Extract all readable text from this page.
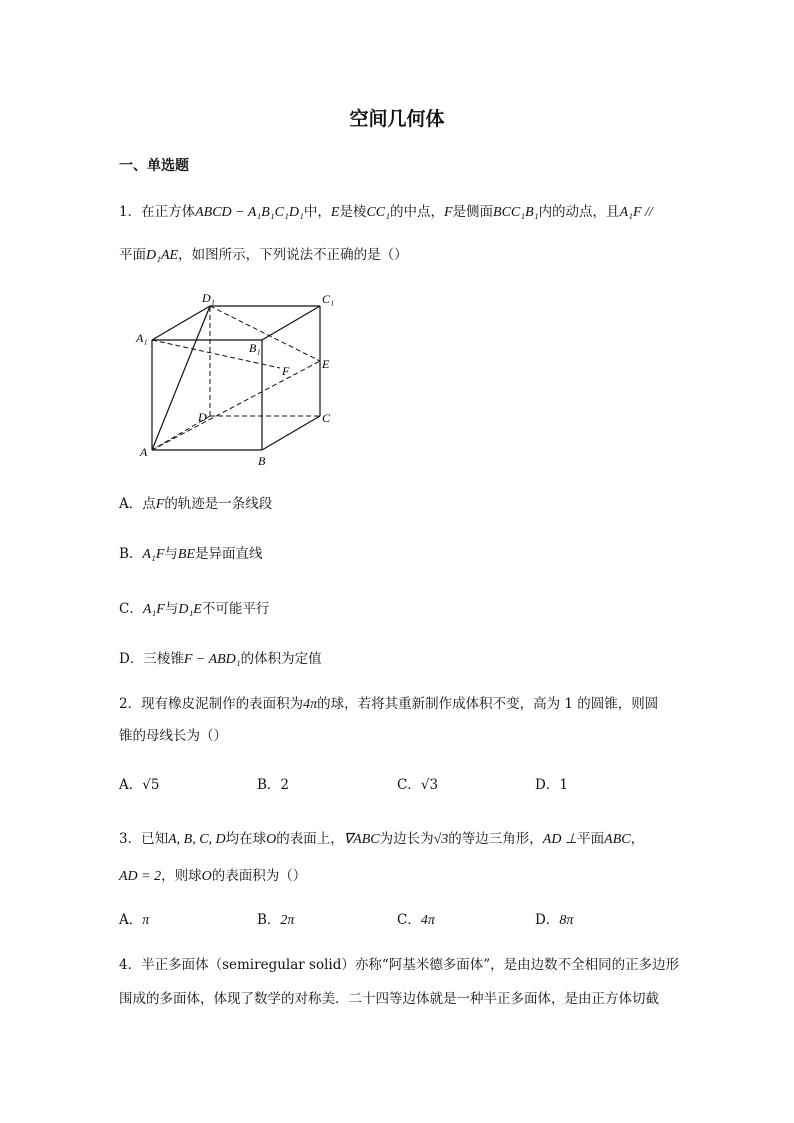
空间几何体
一、单选题
1．在正方体ABCD − A₁B₁C₁D₁中，E是棱CC₁的中点，F是侧面BCC₁B₁内的动点，且A₁F //
平面D₁AE，如图所示，下列说法不正确的是（）
D₁	C₁
A₁
B₁
E
F
D	C
A
B
A．点F的轨迹是一条线段
B．A₁F与BE是异面直线
C．A₁F与D₁E不可能平行
D．三棱锥F − ABD₁的体积为定值
2．现有橡皮泥制作的表面积为4π的球，若将其重新制作成体积不变，高为 1 的圆锥，则圆
锥的母线长为（）
A．√5	B．2	C．√3	D．1
3．已知A, B, C, D均在球O的表面上，∇ABC为边长为√3的等边三角形，AD ⊥平面ABC，
AD = 2，则球O的表面积为（）
A．π	B．2π	C．4π	D．8π
4．半正多面体（semiregular solid）亦称“阿基米德多面体”，是由边数不全相同的正多边形
围成的多面体，体现了数学的对称美．二十四等边体就是一种半正多面体，是由正方体切截
